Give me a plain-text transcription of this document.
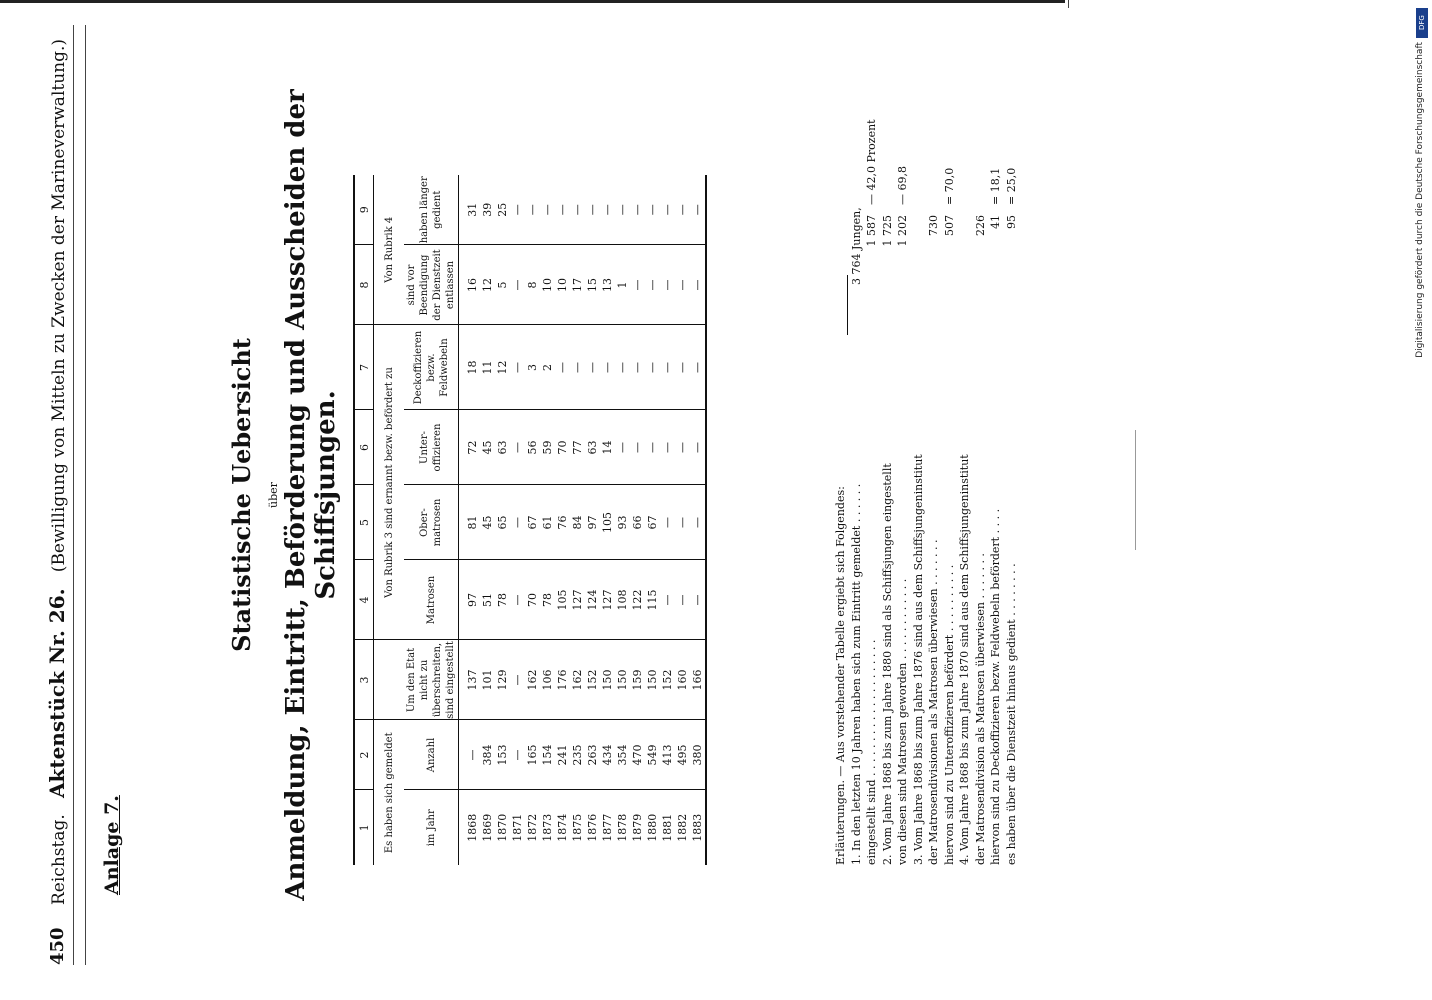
450
Reichstag.   Aktenstück Nr. 26.   (Bewilligung von Mitteln zu Zwecken der Marineverwaltung.)
Anlage 7.
Statistische Uebersicht über Anmeldung, Eintritt, Beförderung und Ausscheiden der Schiffsjungen.
1	2	3	4	5	6	7	8	9
Es haben sich gemeldet			Von Rubrik 3 sind ernannt bezw. befördert zu				Von Rubrik 4	
im Jahr	Anzahl	Um den Etat nicht zu überschreiten, sind eingestellt	Matrosen	Ober-matrosen	Unter-offizieren	Deckoffizieren bezw. Feldwebeln	sind vor Beendigung der Dienstzeit entlassen	haben länger gedient
1868	—	137	97	81	72	18	16	31
1869	384	101	51	45	45	11	12	39
1870	153	129	78	65	63	12	5	25
1871	—	—	—	—	—	—	—	—
1872	165	162	70	67	56	3	8	—
1873	154	106	78	61	59	2	10	—
1874	241	176	105	76	70	—	10	—
1875	235	162	127	84	77	—	17	—
1876	263	152	124	97	63	—	15	—
1877	434	150	127	105	14	—	13	—
1878	354	150	108	93	—	—	1	—
1879	470	159	122	66	—	—	—	—
1880	549	150	115	67	—	—	—	—
1881	413	152	—	—	—	—	—	—
1882	495	160	—	—	—	—	—	—
1883	380	166	—	—	—	—	—	—
Erläuterungen. — Aus vorstehender Tabelle ergiebt sich Folgendes: 1. In den letzten 10 Jahren haben sich zum Eintritt gemeldet . . . . . .
3 764 Jungen,
eingestellt sind . . . . . . . . . . . . . . . . . . . .
1 587
— 42,0 Prozent
2. Vom Jahre 1868 bis zum Jahre 1880 sind als Schiffsjungen eingestellt
1 725
von diesen sind Matrosen geworden . . . . . . . . . . . .
1 202
— 69,8
3. Vom Jahre 1868 bis zum Jahre 1876 sind aus dem Schiffsjungeninstitut der Matrosendivisionen als Matrosen überwiesen . . . . . . .
730
hiervon sind zu Unteroffizieren befördert . . . . . . . . . .
507
= 70,0
4. Vom Jahre 1868 bis zum Jahre 1870 sind aus dem Schiffsjungeninstitut der Matrosendivision als Matrosen überwiesen . . . . . . .
226
hiervon sind zu Deckoffizieren bezw. Feldwebeln befördert . . . .
41
= 18,1
es haben über die Dienstzeit hinaus gedient . . . . . . . .
95
= 25,0
DFG
Digitalisierung gefördert durch die Deutsche Forschungsgemeinschaft
